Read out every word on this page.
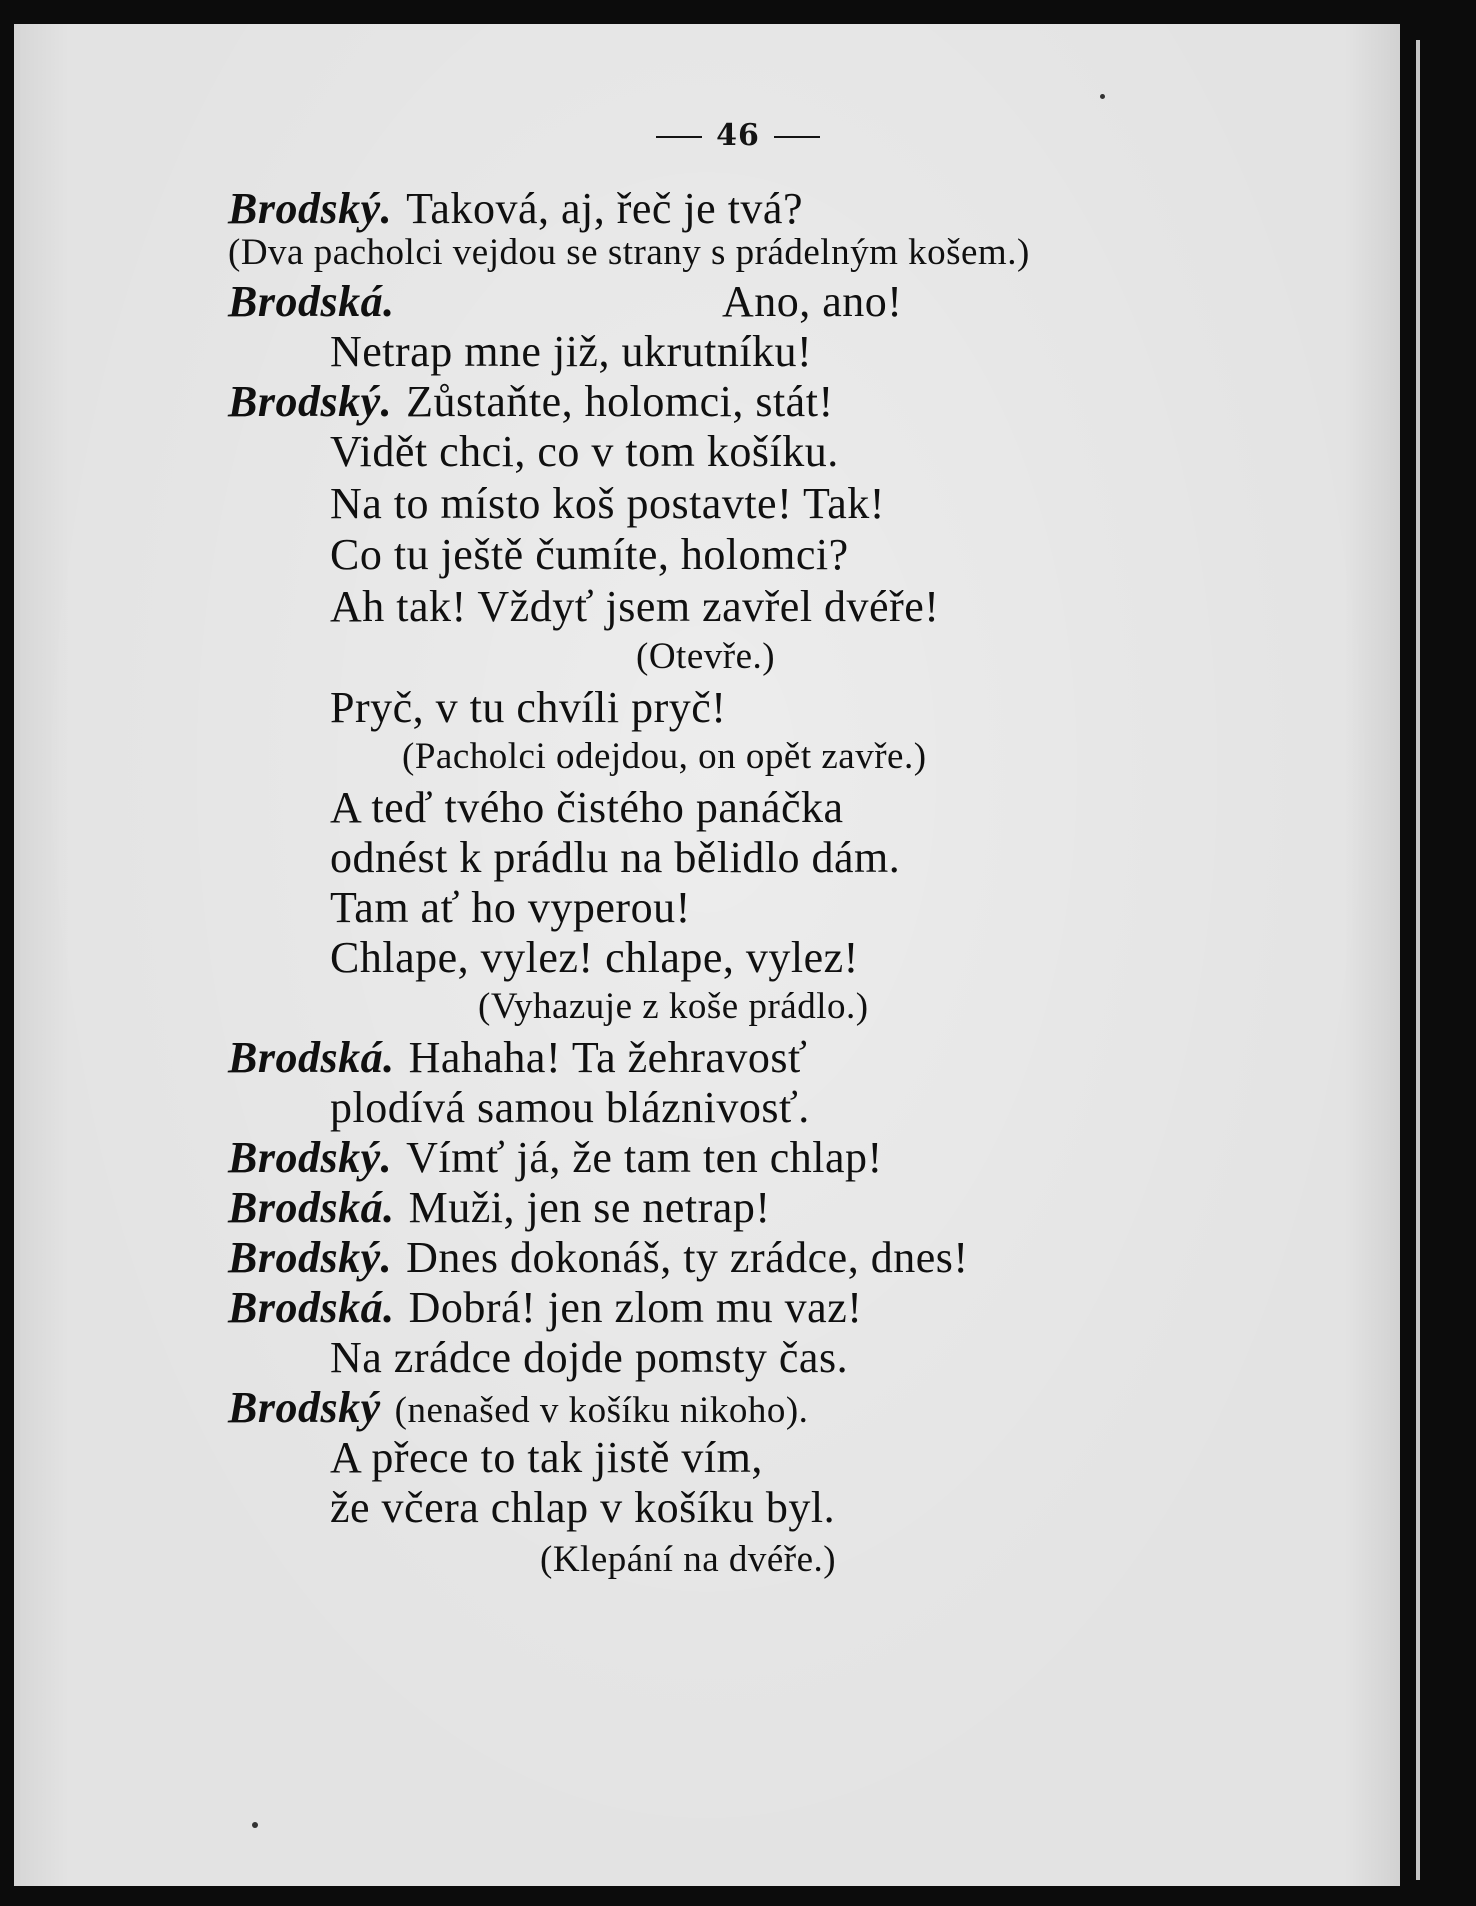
46
Brodský. Taková, aj, řeč je tvá?
(Dva pacholci vejdou se strany s prádelným košem.)
Brodská.	Ano, ano!
Netrap mne již, ukrutníku!
Brodský. Zůstaňte, holomci, stát!
Vidět chci, co v tom košíku.
Na to místo koš postavte! Tak!
Co tu ještě čumíte, holomci?
Ah tak! Vždyť jsem zavřel dvéře!
(Otevře.)
Pryč, v tu chvíli pryč!
(Pacholci odejdou, on opět zavře.)
A teď tvého čistého panáčka
odnést k prádlu na bělidlo dám.
Tam ať ho vyperou!
Chlape, vylez! chlape, vylez!
(Vyhazuje z koše prádlo.)
Brodská. Hahaha! Ta žehravosť
plodívá samou bláznivosť.
Brodský. Vímť já, že tam ten chlap!
Brodská. Muži, jen se netrap!
Brodský. Dnes dokonáš, ty zrádce, dnes!
Brodská. Dobrá! jen zlom mu vaz!
Na zrádce dojde pomsty čas.
Brodský (nenašed v košíku nikoho).
A přece to tak jistě vím,
že včera chlap v košíku byl.
(Klepání na dvéře.)
